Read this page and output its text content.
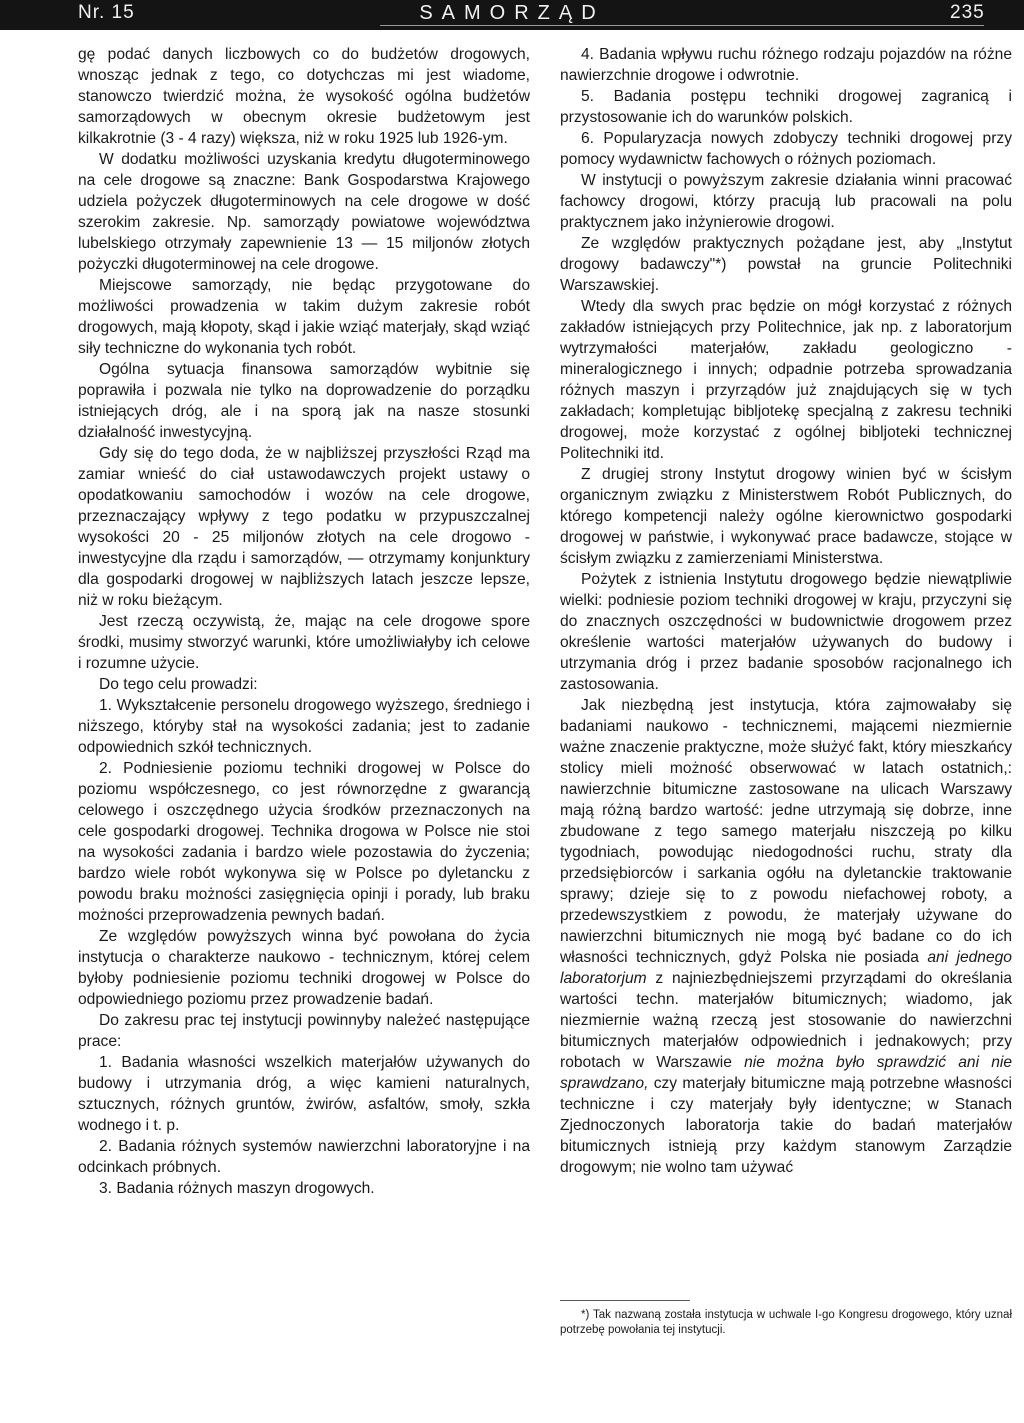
Nr. 15	SAMORZĄD	235

gę podać danych liczbowych co do budżetów drogowych, wnosząc jednak z tego, co dotychczas mi jest wiadome, stanowczo twierdzić można, że wysokość ogólna budżetów samorządowych w obecnym okresie budżetowym jest kilkakrotnie (3 - 4 razy) większa, niż w roku 1925 lub 1926-ym.

W dodatku możliwości uzyskania kredytu długoterminowego na cele drogowe są znaczne: Bank Gospodarstwa Krajowego udziela pożyczek długoterminowych na cele drogowe w dość szerokim zakresie. Np. samorządy powiatowe województwa lubelskiego otrzymały zapewnienie 13 — 15 miljonów złotych pożyczki długoterminowej na cele drogowe.

Miejscowe samorządy, nie będąc przygotowane do możliwości prowadzenia w takim dużym zakresie robót drogowych, mają kłopoty, skąd i jakie wziąć materjały, skąd wziąć siły techniczne do wykonania tych robót.

Ogólna sytuacja finansowa samorządów wybitnie się poprawiła i pozwala nie tylko na doprowadzenie do porządku istniejących dróg, ale i na sporą jak na nasze stosunki działalność inwestycyjną.

Gdy się do tego doda, że w najbliższej przyszłości Rząd ma zamiar wnieść do ciał ustawodawczych projekt ustawy o opodatkowaniu samochodów i wozów na cele drogowe, przeznaczający wpływy z tego podatku w przypuszczalnej wysokości 20 - 25 miljonów złotych na cele drogowo - inwestycyjne dla rządu i samorządów, — otrzymamy konjunktury dla gospodarki drogowej w naj‍bliższych latach jeszcze lepsze, niż w roku bieżącym.

Jest rzeczą oczywistą, że, mając na cele drogowe spore środki, musimy stworzyć warunki, które umożliwiałyby ich celowe i rozumne użycie.

Do tego celu prowadzi:

1. Wykształcenie personelu drogowego wyższego, średniego i niższego, któryby stał na wysokości zadania; jest to zadanie odpowiednich szkół technicznych.

2. Podniesienie poziomu techniki drogowej w Polsce do poziomu współczesnego, co jest równorzędne z gwarancją celowego i oszczędnego użycia środków przeznaczonych na cele gospodarki drogowej. Technika drogowa w Polsce nie stoi na wysokości zadania i bardzo wiele pozostawia do życzenia; bardzo wiele robót wykonywa się w Polsce po dyletancku z powodu braku możności zasięgnięcia opinji i porady, lub braku możności przeprowadzenia pewnych badań.

Ze względów powyższych winna być powołana do życia instytucja o charakterze naukowo - technicznym, której celem byłoby podniesienie poziomu techniki drogowej w Polsce do odpowiedniego poziomu przez prowadzenie badań.

Do zakresu prac tej instytucji powinnyby należeć następujące prace:

1. Badania własności wszelkich materjałów używanych do budowy i utrzymania dróg, a więc kamieni naturalnych, sztucznych, różnych gruntów, żwirów, asfaltów, smoły, szkła wodnego i t. p.

2. Badania różnych systemów nawierzchni laboratoryjne i na odcinkach próbnych.

3. Badania różnych maszyn drogowych.

4. Badania wpływu ruchu różnego rodzaju pojazdów na różne nawierzchnie drogowe i odwrotnie.

5. Badania postępu techniki drogowej zagranicą i przystosowanie ich do warunków polskich.

6. Popularyzacja nowych zdobyczy techniki drogowej przy pomocy wydawnictw fachowych o różnych poziomach.

W instytucji o powyższym zakresie działania winni pracować fachowcy drogowi, którzy pracują lub pracowali na polu praktycznem jako inżynierowie drogowi.

Ze względów praktycznych pożądane jest, aby „Instytut drogowy badawczy"*) powstał na gruncie Politechniki Warszawskiej.

Wtedy dla swych prac będzie on mógł korzystać z różnych zakładów istniejących przy Politechnice, jak np. z laboratorjum wytrzymałości materjałów, zakładu geologiczno - mineralogicznego i innych; odpadnie potrzeba sprowadzania różnych maszyn i przyrządów już znajdujących się w tych zakładach; kompletując bibljotekę specjalną z zakresu techniki drogowej, może korzystać z ogólnej bibljoteki technicznej Politechniki itd.

Z drugiej strony Instytut drogowy winien być w ścisłym organicznym związku z Ministerstwem Robót Publicznych, do którego kompetencji należy ogólne kierownictwo gospodarki drogowej w państwie, i wykonywać prace badawcze, stojące w ścisłym związku z zamierzeniami Ministerstwa.

Pożytek z istnienia Instytutu drogowego będzie niewątpliwie wielki: podniesie poziom techniki drogowej w kraju, przyczyni się do znacznych oszczędności w budownictwie drogowem przez określenie wartości materjałów używanych do budowy i utrzymania dróg i przez badanie sposobów racjonalnego ich zastosowania.

Jak niezbędną jest instytucja, która zajmowałaby się badaniami naukowo - technicznemi, mającemi niezmiernie ważne znaczenie praktyczne, może służyć fakt, który mieszkańcy stolicy mieli możność obserwować w latach ostatnich,: nawierzchnie bitumiczne zastosowane na ulicach Warszawy mają różną bardzo wartość: jedne utrzymają się dobrze, inne zbudowane z tego samego materjału niszczeją po kilku tygodniach, powodując niedogodności ruchu, straty dla przedsiębiorców i sarkania ogółu na dyletanckie traktowanie sprawy; dzieje się to z powodu niefachowej roboty, a przedewszystkiem z powodu, że materjały używane do nawierzchni bitumicznych nie mogą być badane co do ich własności technicznych, gdyż Polska nie posiada ani jednego laboratorjum z najniezbędniejszemi przyrządami do określania wartości techn. materjałów bitumicznych; wiadomo, jak niezmiernie ważną rzeczą jest stosowanie do nawierzchni bitumicznych materjałów odpowiednich i jednakowych; przy robotach w Warszawie nie można było sprawdzić ani nie sprawdzano, czy materjały bitumiczne mają potrzebne własności techniczne i czy materjały były identyczne; w Stanach Zjednoczonych laboratorja takie do badań materjałów bitumicznych istnieją przy każdym stanowym Zarządzie drogowym; nie wolno tam używać

*) Tak nazwaną została instytucja w uchwale I-go Kongresu drogowego, który uznał potrzebę powołania tej instytucji.
